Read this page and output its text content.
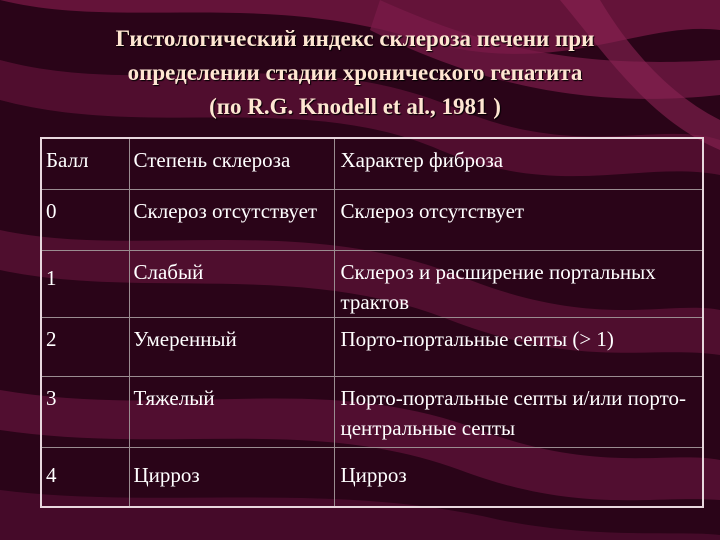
Гистологический индекс склероза печени при
определении стадии хронического гепатита
(по R.G. Knodell et al., 1981 )
Балл	Степень склероза	Характер фиброза
0	Склероз отсутствует	Склероз отсутствует
1	Слабый	Склероз и расширение портальных трактов
2	Умеренный	Порто-портальные септы (> 1)
3	Тяжелый	Порто-портальные септы и/или порто-центральные септы
4	Цирроз	Цирроз
